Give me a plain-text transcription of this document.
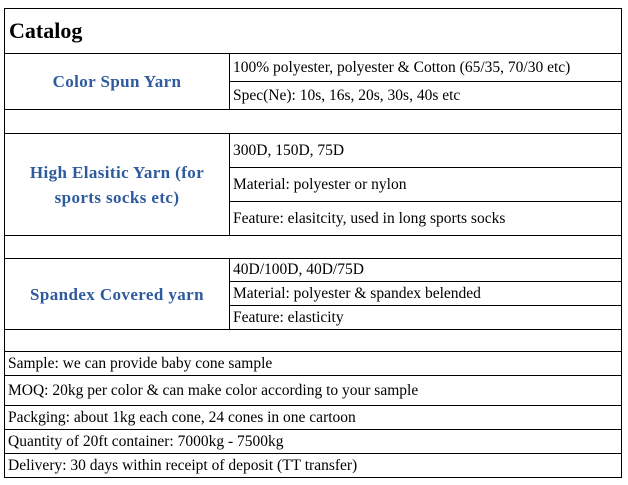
Catalog
Color Spun Yarn
100% polyester, polyester & Cotton (65/35, 70/30 etc)
Spec(Ne): 10s, 16s, 20s, 30s, 40s etc
High Elasitic Yarn (for sports socks etc)
300D, 150D, 75D
Material: polyester or nylon
Feature: elasitcity, used in long sports socks
Spandex Covered yarn
40D/100D, 40D/75D
Material: polyester & spandex belended
Feature: elasticity
Sample: we can provide baby cone sample
MOQ: 20kg per color & can make color according to your sample
Packging: about 1kg each cone, 24 cones in one cartoon
Quantity of 20ft container: 7000kg - 7500kg
Delivery: 30 days within receipt of deposit (TT transfer)
